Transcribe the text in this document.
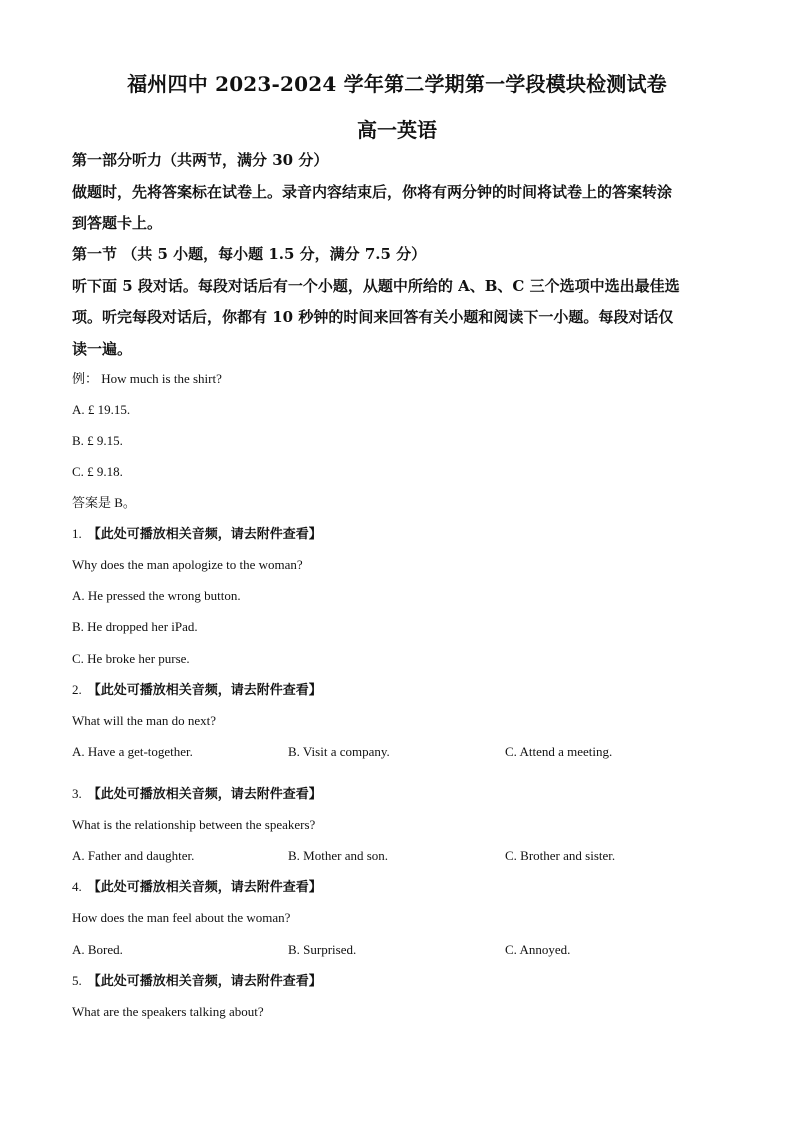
福州四中 2023-2024 学年第二学期第一学段模块检测试卷
高一英语

第一部分听力（共两节，满分 30 分）

做题时，先将答案标在试卷上。录音内容结束后，你将有两分钟的时间将试卷上的答案转涂

到答题卡上。

第一节 （共 5 小题，每小题 1.5 分，满分 7.5 分）

听下面 5 段对话。每段对话后有一个小题，从题中所给的 A、B、C 三个选项中选出最佳选

项。听完每段对话后，你都有 10 秒钟的时间来回答有关小题和阅读下一小题。每段对话仅

读一遍。

例： How much is the shirt?

A. £ 19.15.

B. £ 9.15.

C. £ 9.18.

答案是 B。

1. 【此处可播放相关音频，请去附件查看】

Why does the man apologize to the woman?

A. He pressed the wrong button.

B. He dropped her iPad.

C. He broke her purse.

2. 【此处可播放相关音频，请去附件查看】

What will the man do next?

A. Have a get-together.	B. Visit a company.	C. Attend a meeting.
3. 【此处可播放相关音频，请去附件查看】

What is the relationship between the speakers?

A. Father and daughter.	B. Mother and son.	C. Brother and sister.
4. 【此处可播放相关音频，请去附件查看】

How does the man feel about the woman?

A. Bored.	B. Surprised.	C. Annoyed.
5. 【此处可播放相关音频，请去附件查看】

What are the speakers talking about?
